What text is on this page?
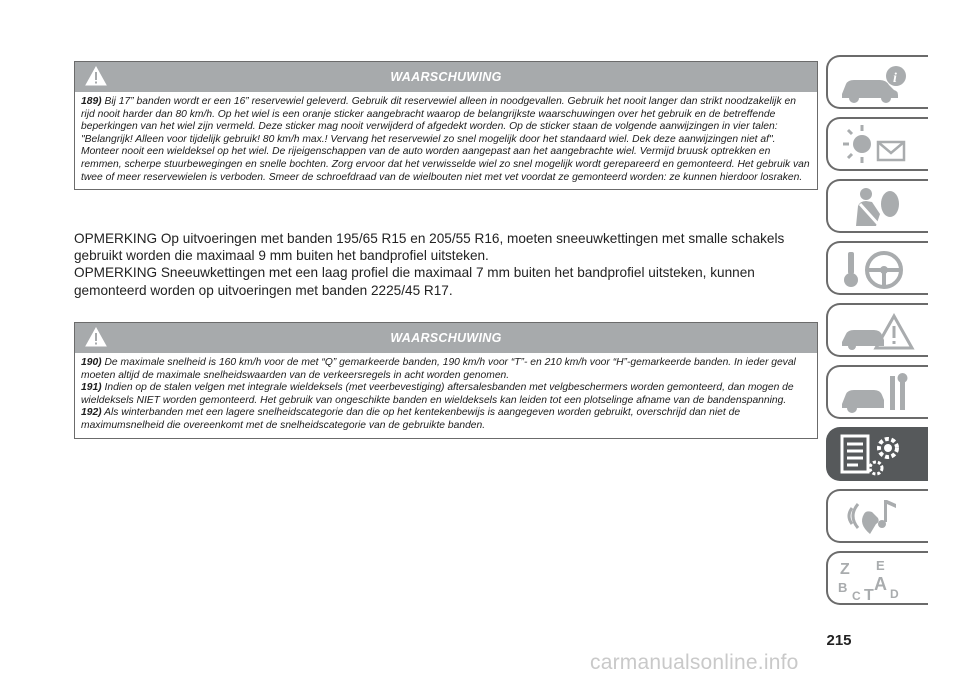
WAARSCHUWING

189) Bij 17” banden wordt er een 16” reservewiel geleverd. Gebruik dit reservewiel alleen in noodgevallen. Gebruik het nooit langer dan strikt noodzakelijk en rijd nooit harder dan 80 km/h. Op het wiel is een oranje sticker aangebracht waarop de belangrijkste waarschuwingen over het gebruik en de betreffende beperkingen van het wiel zijn vermeld. Deze sticker mag nooit verwijderd of afgedekt worden. Op de sticker staan de volgende aanwijzingen in vier talen: "Belangrijk! Alleen voor tijdelijk gebruik! 80 km/h max.! Vervang het reservewiel zo snel mogelijk door het standaard wiel. Dek deze aanwijzingen niet af". Monteer nooit een wieldeksel op het wiel. De rijeigenschappen van de auto worden aangepast aan het aangebrachte wiel. Vermijd bruusk optrekken en remmen, scherpe stuurbewegingen en snelle bochten. Zorg ervoor dat het verwisselde wiel zo snel mogelijk wordt gerepareerd en gemonteerd. Het gebruik van twee of meer reservewielen is verboden. Smeer de schroefdraad van de wielbouten niet met vet voordat ze gemonteerd worden: ze kunnen hierdoor losraken.

OPMERKING Op uitvoeringen met banden 195/65 R15 en 205/55 R16, moeten sneeuwkettingen met smalle schakels gebruikt worden die maximaal 9 mm buiten het bandprofiel uitsteken.

OPMERKING Sneeuwkettingen met een laag profiel die maximaal 7 mm buiten het bandprofiel uitsteken, kunnen gemonteerd worden op uitvoeringen met banden 2225/45 R17.

WAARSCHUWING

190) De maximale snelheid is 160 km/h voor de met “Q” gemarkeerde banden, 190 km/h voor “T”- en 210 km/h voor “H”-gemarkeerde banden. In ieder geval moeten altijd de maximale snelheidswaarden van de verkeersregels in acht worden genomen.

191) Indien op de stalen velgen met integrale wieldeksels (met veerbevestiging) aftersalesbanden met velgbeschermers worden gemonteerd, dan mogen de wieldeksels NIET worden gemonteerd. Het gebruik van ongeschikte banden en wieldeksels kan leiden tot een plotselinge afname van de bandenspanning.

192) Als winterbanden met een lagere snelheidscategorie dan die op het kentekenbewijs is aangegeven worden gebruikt, overschrijd dan niet de maximumsnelheid die overeenkomt met de snelheidscategorie van de gebruikte banden.

i
Z E
A
B
C T D
215
carmanualsonline.info
